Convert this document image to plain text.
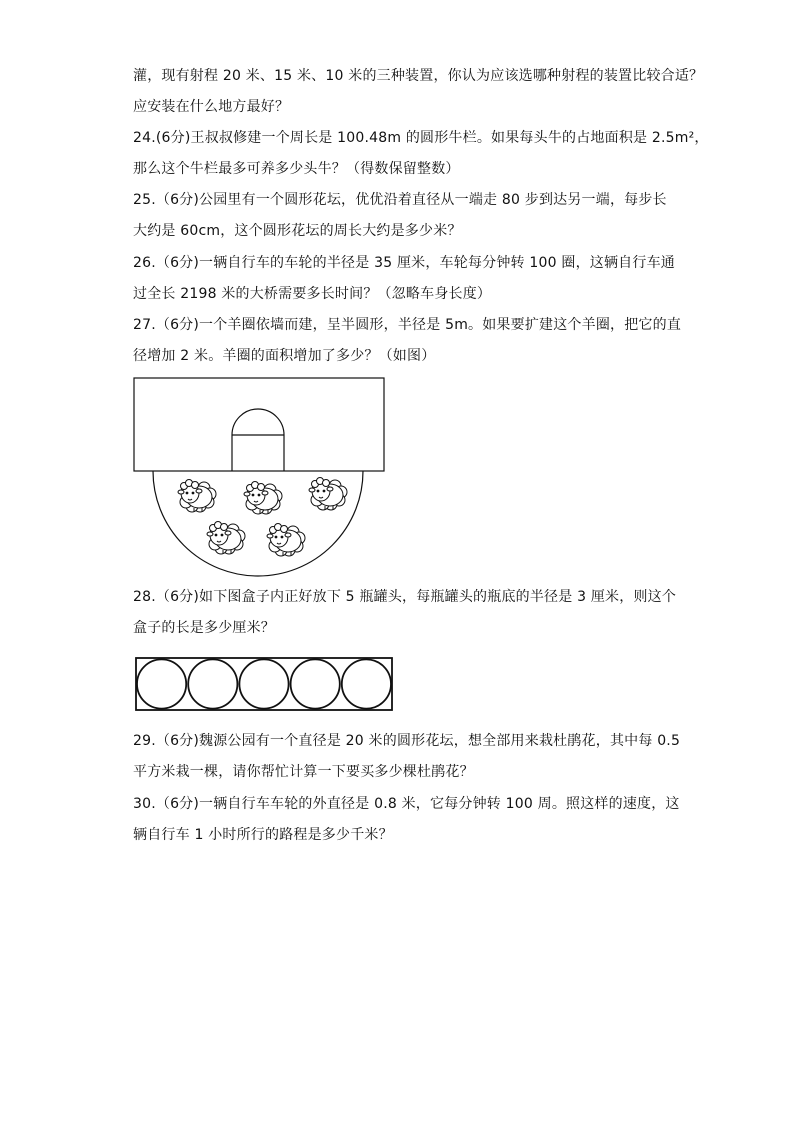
灌，现有射程 20 米、15 米、10 米的三种装置，你认为应该选哪种射程的装置比较合适？
应安装在什么地方最好？
24.(6分)王叔叔修建一个周长是 100.48m 的圆形牛栏。如果每头牛的占地面积是 2.5m²，
那么这个牛栏最多可养多少头牛？（得数保留整数）
25.（6分)公园里有一个圆形花坛，优优沿着直径从一端走 80 步到达另一端，每步长
大约是 60cm，这个圆形花坛的周长大约是多少米？
26.（6分)一辆自行车的车轮的半径是 35 厘米，车轮每分钟转 100 圈，这辆自行车通
过全长 2198 米的大桥需要多长时间？（忽略车身长度）
27.（6分)一个羊圈依墙而建，呈半圆形，半径是 5m。如果要扩建这个羊圈，把它的直
径增加 2 米。羊圈的面积增加了多少？（如图）
28.（6分)如下图盒子内正好放下 5 瓶罐头，每瓶罐头的瓶底的半径是 3 厘米，则这个
盒子的长是多少厘米？
29.（6分)魏源公园有一个直径是 20 米的圆形花坛，想全部用来栽杜鹃花，其中每 0.5
平方米栽一棵，请你帮忙计算一下要买多少棵杜鹃花？
30.（6分)一辆自行车车轮的外直径是 0.8 米，它每分钟转 100 周。照这样的速度，这
辆自行车 1 小时所行的路程是多少千米？
